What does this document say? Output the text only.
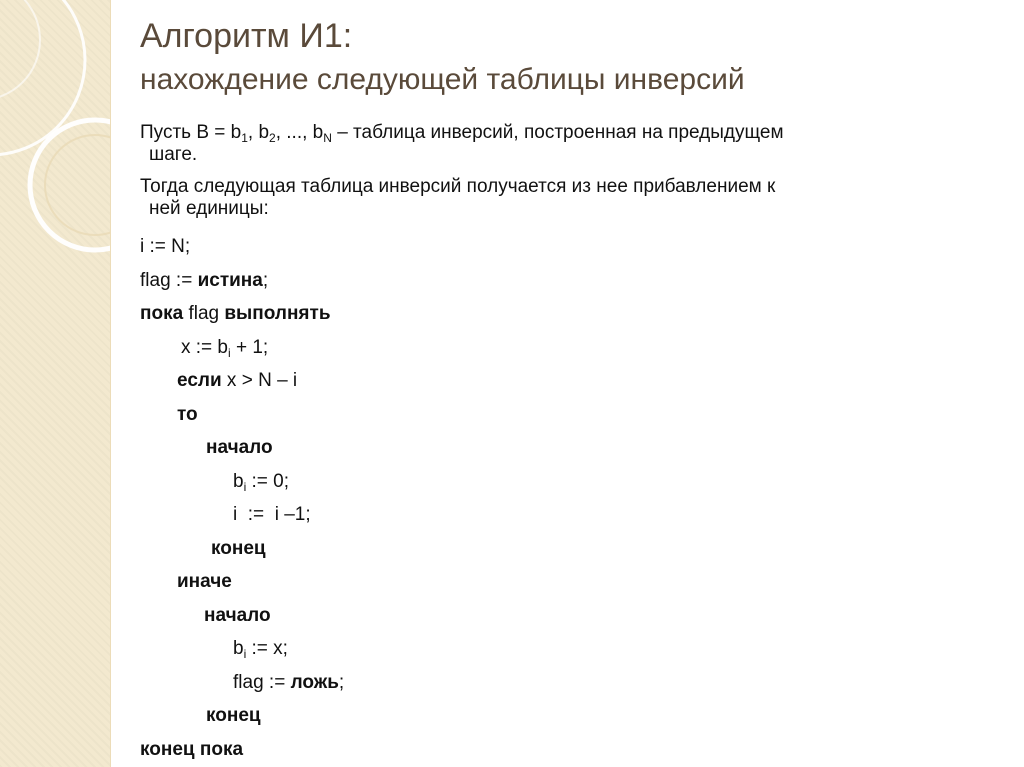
Алгоритм И1:
нахождение следующей таблицы инверсий
Пусть $B = b_1$, $b_2$, ..., $b_N$ – таблица инверсий, построенная на предыдущем
шаге.
Тогда следующая таблица инверсий получается из нее прибавлением к
ней единицы:
i := N;
flag := истина;
пока flag выполнять
x := $b_i + 1$;
если x > N – i
то
начало
$b_i$ := 0;
i  :=  i –1;
конец
иначе
начало
$b_i$ := x;
flag := ложь;
конец
конец пока
